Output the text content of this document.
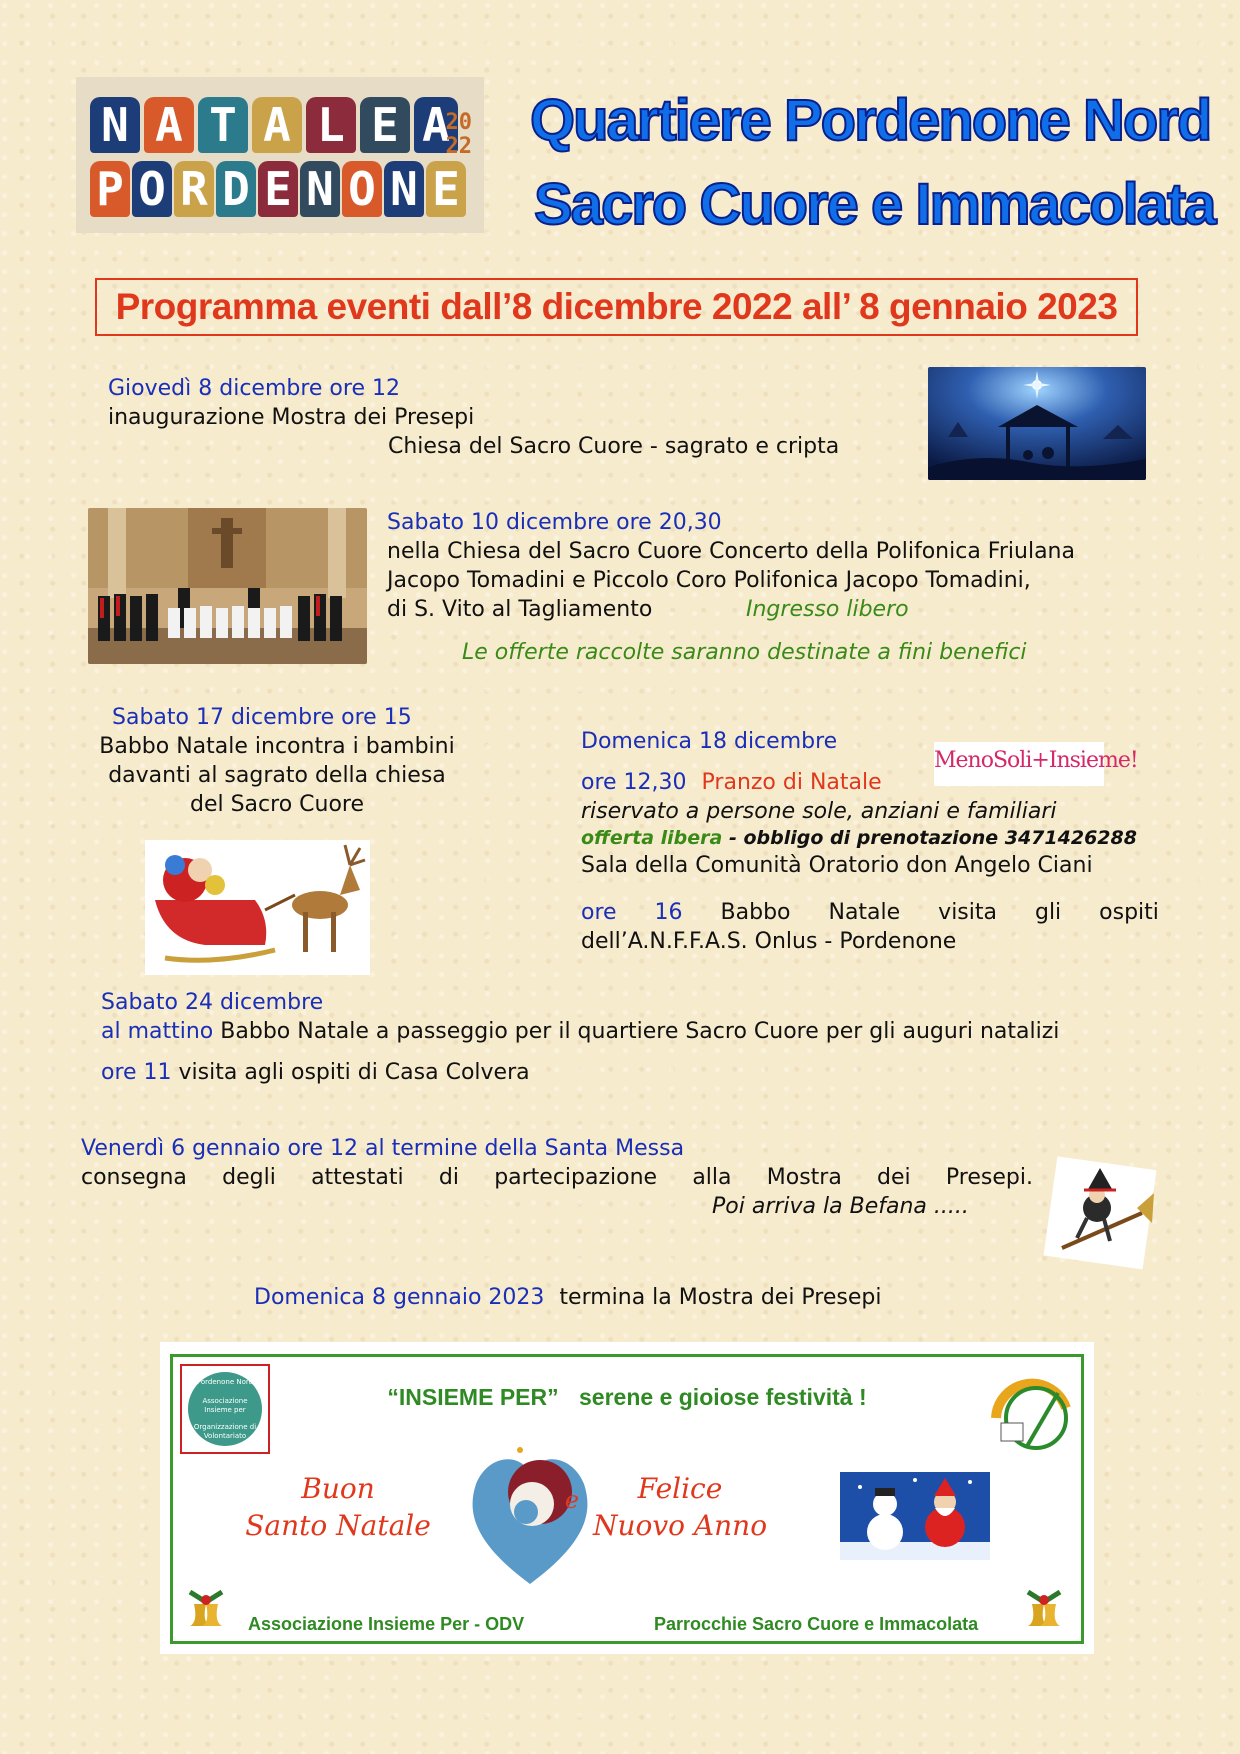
N A T A L E A
20
22
P O R D E N O N E
Quartiere Pordenone Nord
Sacro Cuore e Immacolata
Programma eventi dall’8 dicembre 2022 all’ 8 gennaio 2023
Giovedì 8 dicembre ore 12
inaugurazione Mostra dei Presepi
Chiesa del Sacro Cuore - sagrato e cripta
Sabato 10 dicembre ore 20,30
nella Chiesa del Sacro Cuore Concerto della Polifonica Friulana
Jacopo Tomadini e Piccolo Coro Polifonica Jacopo Tomadini,
di S. Vito al Tagliamento	Ingresso libero
Le offerte raccolte saranno destinate a fini benefici
Sabato 17 dicembre ore 15
Babbo Natale incontra i bambini
davanti al sagrato della chiesa
del Sacro Cuore
Domenica 18 dicembre
MenoSoli+Insieme!
ore 12,30 Pranzo di Natale
riservato a persone sole, anziani e familiari
offerta libera - obbligo di prenotazione 3471426288
Sala della Comunità Oratorio don Angelo Ciani
ore 16 Babbo Natale visita gli ospiti
dell’A.N.F.F.A.S. Onlus - Pordenone
Sabato 24 dicembre
al mattino Babbo Natale a passeggio per il quartiere Sacro Cuore per gli auguri natalizi
ore 11 visita agli ospiti di Casa Colvera
Venerdì 6 gennaio ore 12 al termine della Santa Messa
consegna degli attestati di partecipazione alla Mostra dei Presepi.
Poi arriva la Befana .....
Domenica 8 gennaio 2023 termina la Mostra dei Presepi
Pordenone Nord
Associazione
Insieme per
Organizzazione di
Volontariato
“INSIEME PER” serene e gioiose festività !
Buon
Santo Natale
e	Felice
Nuovo Anno
Associazione Insieme Per - ODV	Parrocchie Sacro Cuore e Immacolata
